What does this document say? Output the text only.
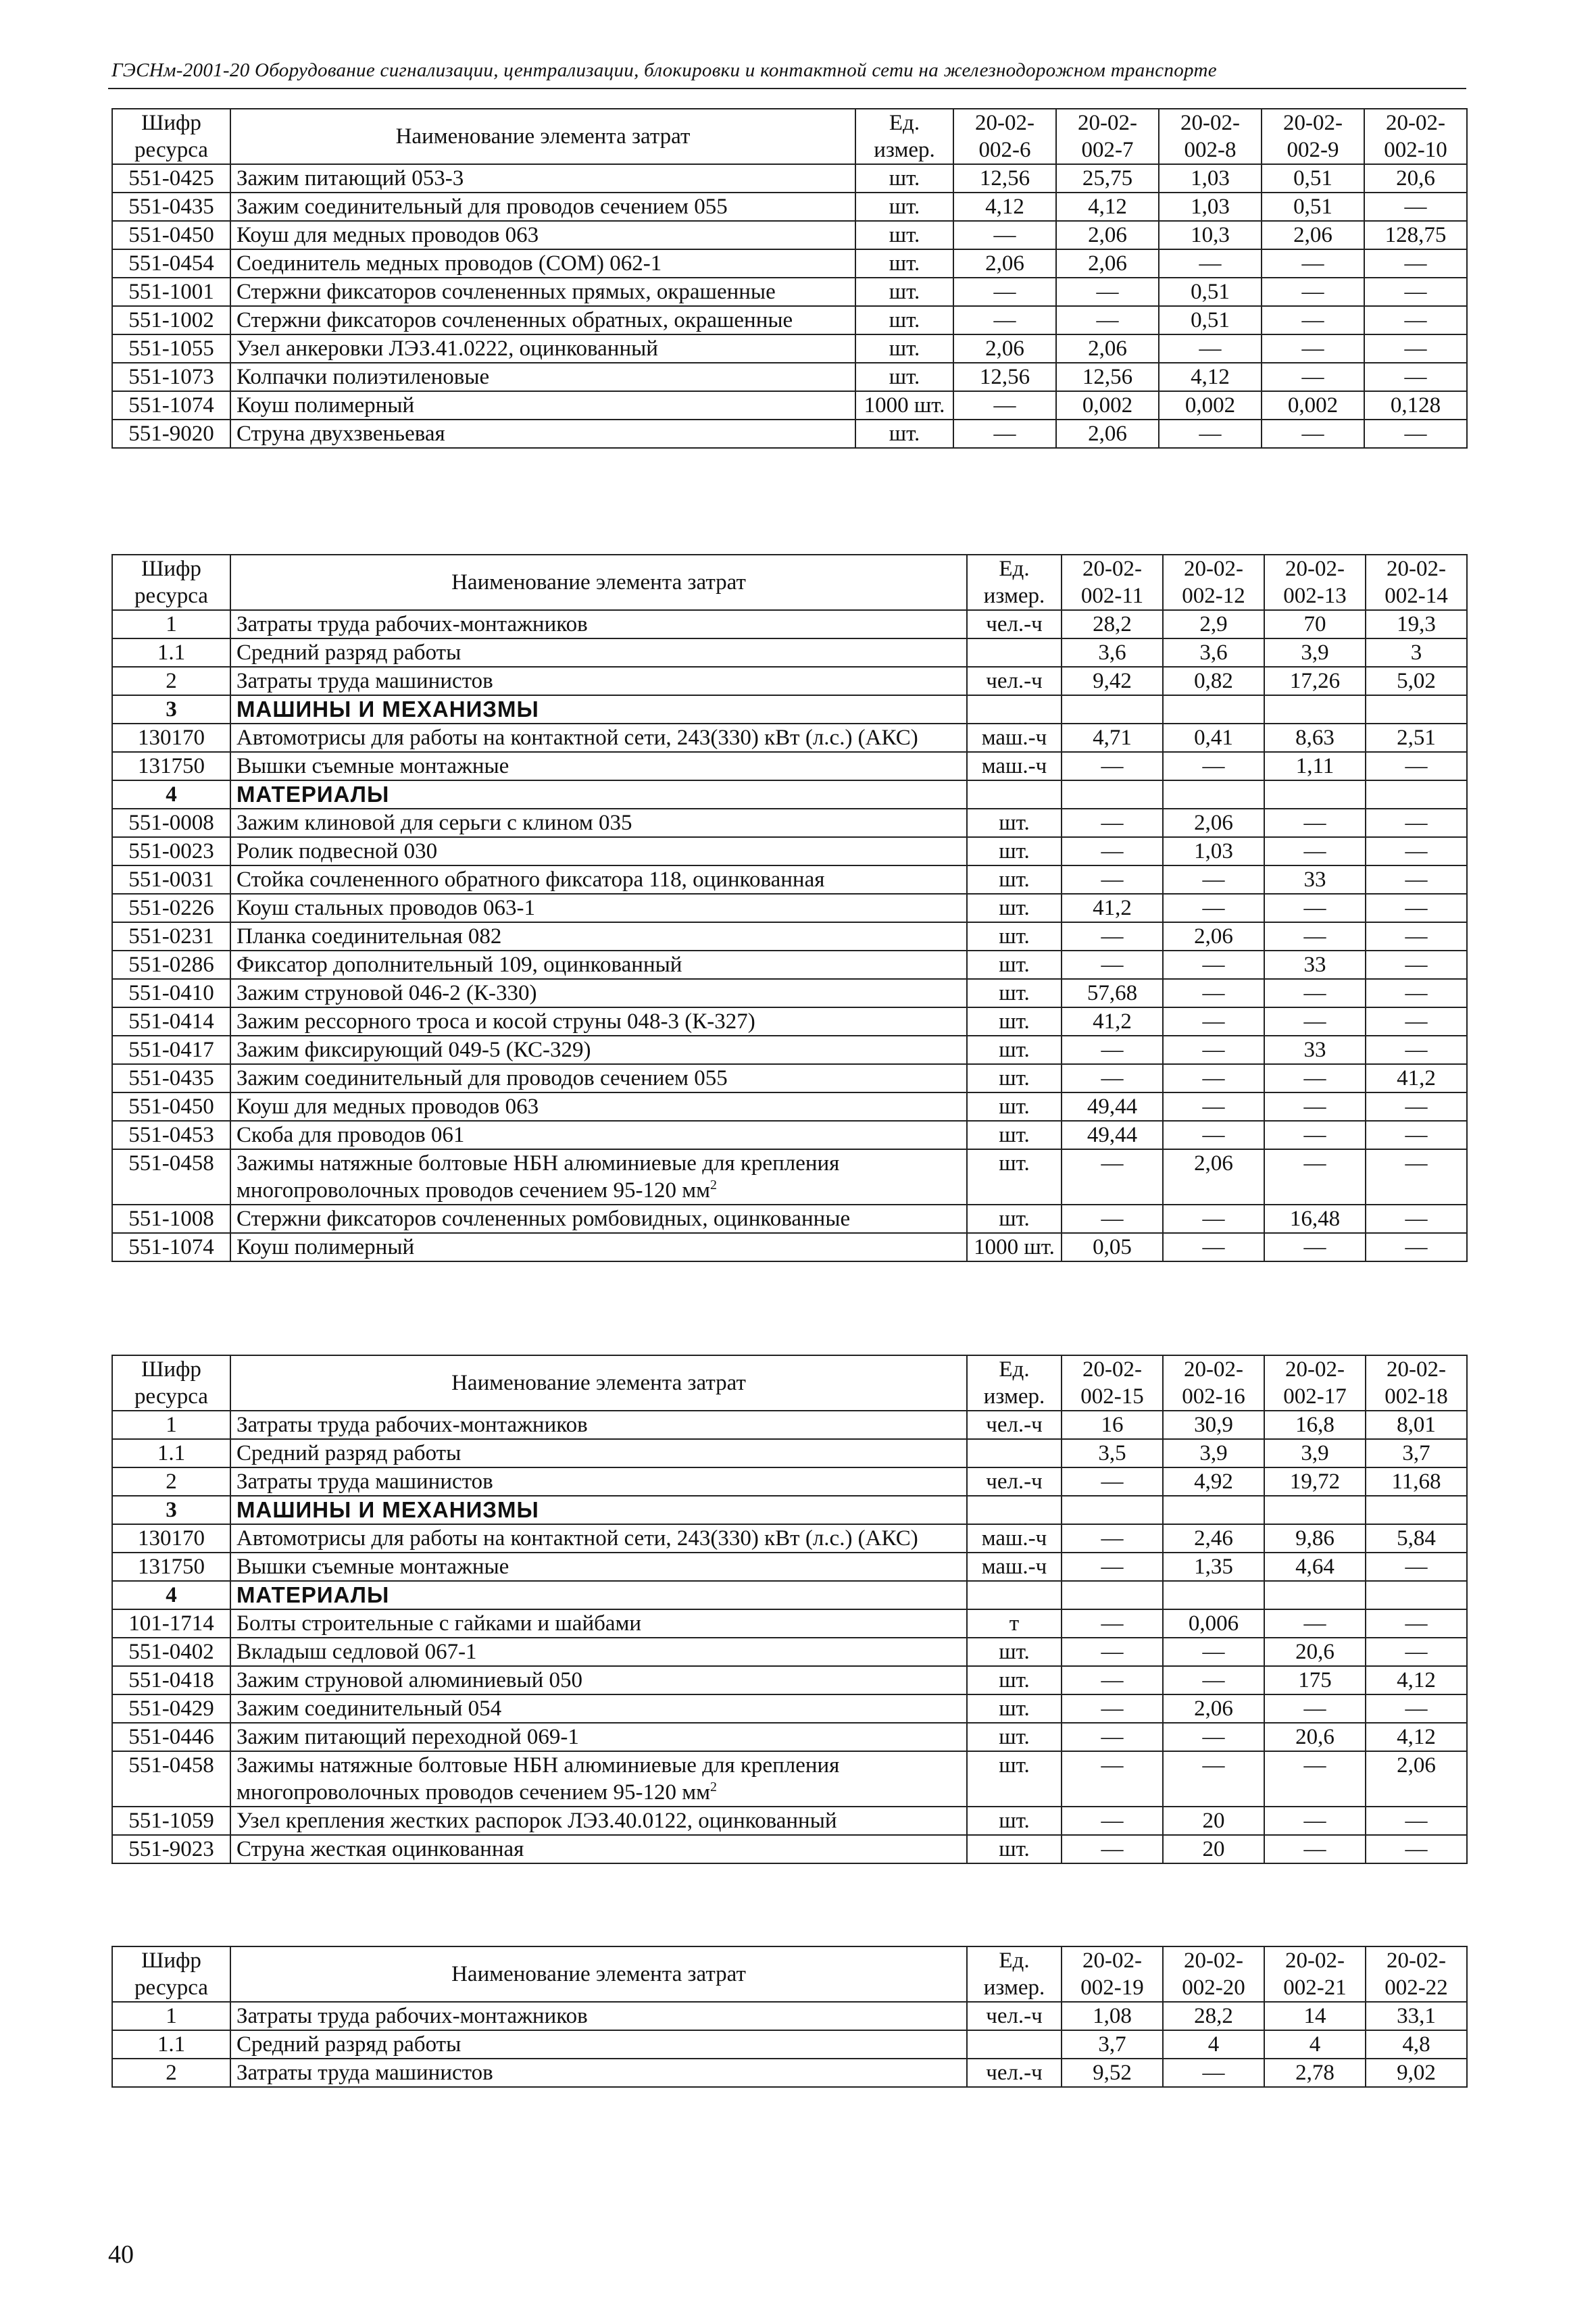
ГЭСНм-2001-20 Оборудование сигнализации, централизации, блокировки и контактной сети на железнодорожном транспорте
Шифр ресурса	Наименование элемента затрат	Ед. измер.	20-02-002-6	20-02-002-7	20-02-002-8	20-02-002-9	20-02-002-10
551-0425	Зажим питающий 053-3	шт.	12,56	25,75	1,03	0,51	20,6
551-0435	Зажим соединительный для проводов сечением 055	шт.	4,12	4,12	1,03	0,51	—
551-0450	Коуш для медных проводов 063	шт.	—	2,06	10,3	2,06	128,75
551-0454	Соединитель медных проводов (СОМ) 062-1	шт.	2,06	2,06	—	—	—
551-1001	Стержни фиксаторов сочлененных прямых, окрашенные	шт.	—	—	0,51	—	—
551-1002	Стержни фиксаторов сочлененных обратных, окрашенные	шт.	—	—	0,51	—	—
551-1055	Узел анкеровки ЛЭЗ.41.0222, оцинкованный	шт.	2,06	2,06	—	—	—
551-1073	Колпачки полиэтиленовые	шт.	12,56	12,56	4,12	—	—
551-1074	Коуш полимерный	1000 шт.	—	0,002	0,002	0,002	0,128
551-9020	Струна двухзвеньевая	шт.	—	2,06	—	—	—
Шифр ресурса	Наименование элемента затрат	Ед. измер.	20-02-002-11	20-02-002-12	20-02-002-13	20-02-002-14
1	Затраты труда рабочих-монтажников	чел.-ч	28,2	2,9	70	19,3
1.1	Средний разряд работы		3,6	3,6	3,9	3
2	Затраты труда машинистов	чел.-ч	9,42	0,82	17,26	5,02
3	МАШИНЫ И МЕХАНИЗМЫ					
130170	Автомотрисы для работы на контактной сети, 243(330) кВт (л.с.) (АКС)	маш.-ч	4,71	0,41	8,63	2,51
131750	Вышки съемные монтажные	маш.-ч	—	—	1,11	—
4	МАТЕРИАЛЫ					
551-0008	Зажим клиновой для серьги с клином 035	шт.	—	2,06	—	—
551-0023	Ролик подвесной 030	шт.	—	1,03	—	—
551-0031	Стойка сочлененного обратного фиксатора 118, оцинкованная	шт.	—	—	33	—
551-0226	Коуш стальных проводов 063-1	шт.	41,2	—	—	—
551-0231	Планка соединительная 082	шт.	—	2,06	—	—
551-0286	Фиксатор дополнительный 109, оцинкованный	шт.	—	—	33	—
551-0410	Зажим струновой 046-2 (К-330)	шт.	57,68	—	—	—
551-0414	Зажим рессорного троса и косой струны 048-3 (К-327)	шт.	41,2	—	—	—
551-0417	Зажим фиксирующий 049-5 (КС-329)	шт.	—	—	33	—
551-0435	Зажим соединительный для проводов сечением 055	шт.	—	—	—	41,2
551-0450	Коуш для медных проводов 063	шт.	49,44	—	—	—
551-0453	Скоба для проводов 061	шт.	49,44	—	—	—
551-0458	Зажимы натяжные болтовые НБН алюминиевые для крепления многопроволочных проводов сечением 95-120 $мм^2$	шт.	—	2,06	—	—
551-1008	Стержни фиксаторов сочлененных ромбовидных, оцинкованные	шт.	—	—	16,48	—
551-1074	Коуш полимерный	1000 шт.	0,05	—	—	—
Шифр ресурса	Наименование элемента затрат	Ед. измер.	20-02-002-15	20-02-002-16	20-02-002-17	20-02-002-18
1	Затраты труда рабочих-монтажников	чел.-ч	16	30,9	16,8	8,01
1.1	Средний разряд работы		3,5	3,9	3,9	3,7
2	Затраты труда машинистов	чел.-ч	—	4,92	19,72	11,68
3	МАШИНЫ И МЕХАНИЗМЫ					
130170	Автомотрисы для работы на контактной сети, 243(330) кВт (л.с.) (АКС)	маш.-ч	—	2,46	9,86	5,84
131750	Вышки съемные монтажные	маш.-ч	—	1,35	4,64	—
4	МАТЕРИАЛЫ					
101-1714	Болты строительные с гайками и шайбами	т	—	0,006	—	—
551-0402	Вкладыш седловой 067-1	шт.	—	—	20,6	—
551-0418	Зажим струновой алюминиевый 050	шт.	—	—	175	4,12
551-0429	Зажим соединительный 054	шт.	—	2,06	—	—
551-0446	Зажим питающий переходной 069-1	шт.	—	—	20,6	4,12
551-0458	Зажимы натяжные болтовые НБН алюминиевые для крепления многопроволочных проводов сечением 95-120 $мм^2$	шт.	—	—	—	2,06
551-1059	Узел крепления жестких распорок ЛЭЗ.40.0122, оцинкованный	шт.	—	20	—	—
551-9023	Струна жесткая оцинкованная	шт.	—	20	—	—
Шифр ресурса	Наименование элемента затрат	Ед. измер.	20-02-002-19	20-02-002-20	20-02-002-21	20-02-002-22
1	Затраты труда рабочих-монтажников	чел.-ч	1,08	28,2	14	33,1
1.1	Средний разряд работы		3,7	4	4	4,8
2	Затраты труда машинистов	чел.-ч	9,52	—	2,78	9,02
40
